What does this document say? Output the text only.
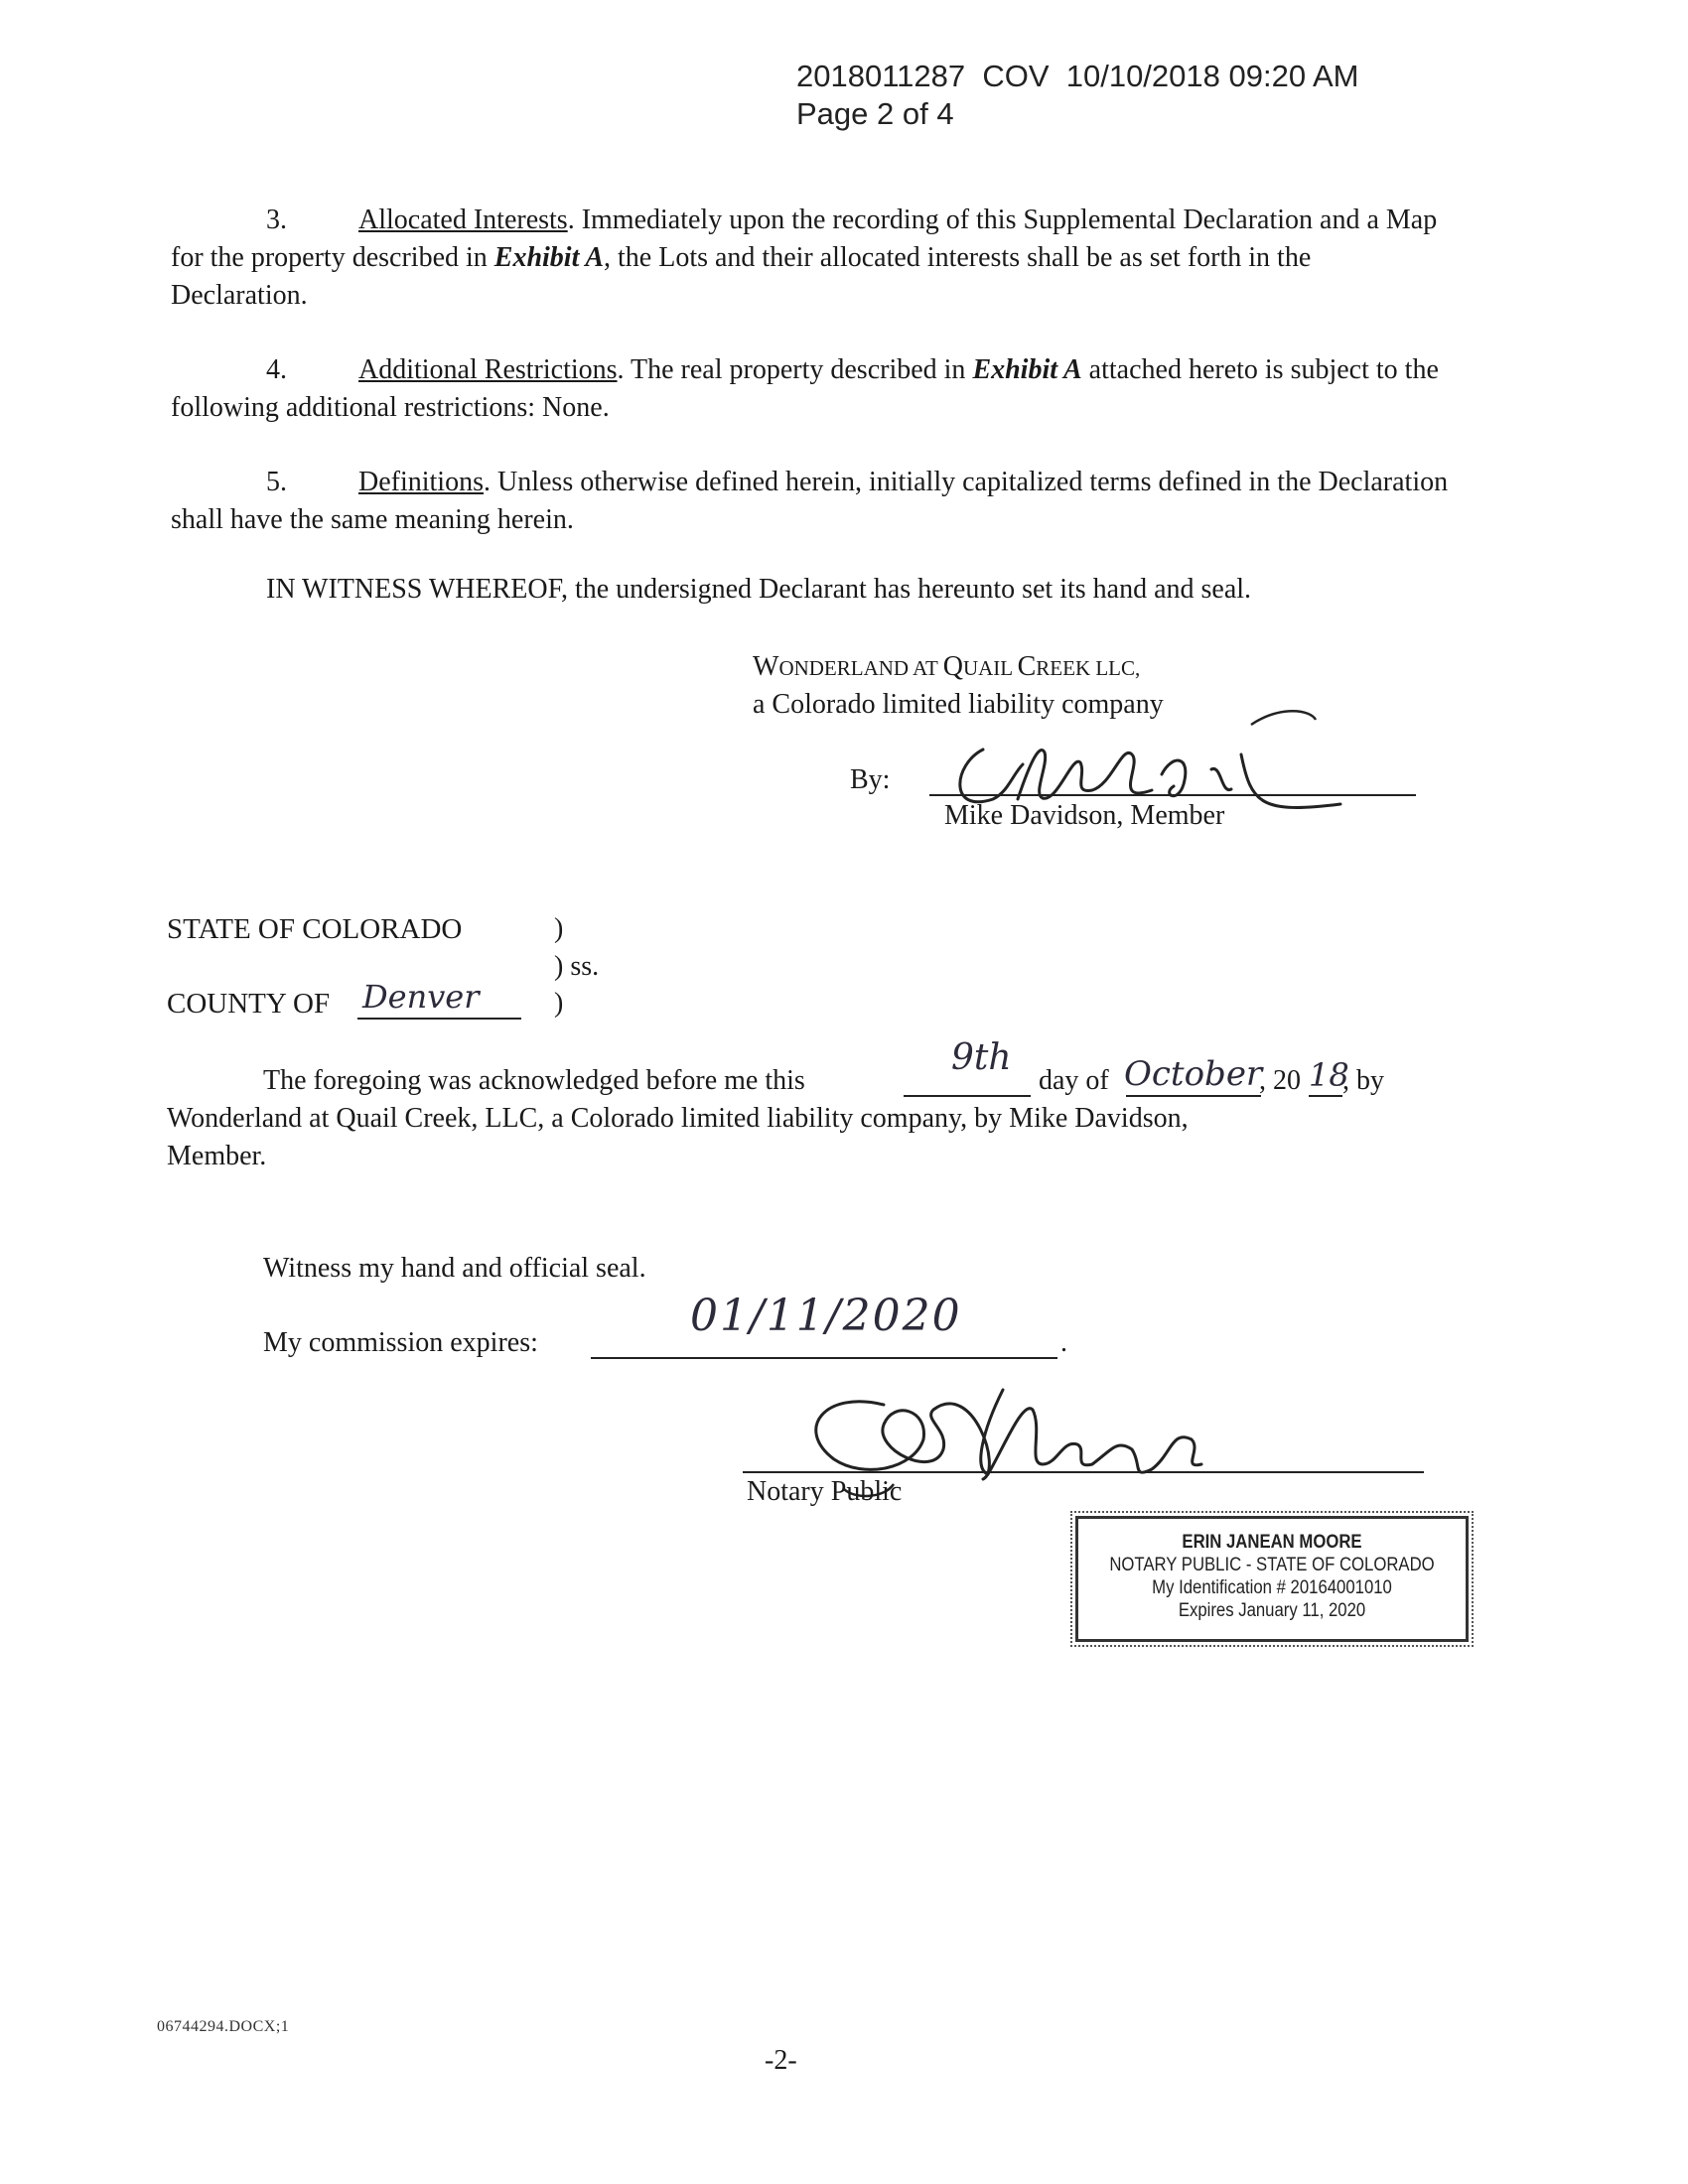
2018011287  COV  10/10/2018 09:20 AM
Page 2 of 4
3.	Allocated Interests. Immediately upon the recording of this Supplemental Declaration and a Map for the property described in Exhibit A, the Lots and their allocated interests shall be as set forth in the Declaration.
4.	Additional Restrictions. The real property described in Exhibit A attached hereto is subject to the following additional restrictions: None.
5.	Definitions. Unless otherwise defined herein, initially capitalized terms defined in the Declaration shall have the same meaning herein.
IN WITNESS WHEREOF, the undersigned Declarant has hereunto set its hand and seal.
WONDERLAND AT QUAIL CREEK LLC,
a Colorado limited liability company
By:
Mike Davidson, Member
STATE OF COLORADO	)
) ss.
COUNTY OF Denver	)
The foregoing was acknowledged before me this
9th
day of October
, 20 18
, by
Wonderland at Quail Creek, LLC, a Colorado limited liability company, by Mike Davidson,
Member.
Witness my hand and official seal.
My commission expires:
01/11/2020
.
Notary Public
ERIN JANEAN MOORE
NOTARY PUBLIC - STATE OF COLORADO
My Identification # 20164001010
Expires January 11, 2020
06744294.DOCX;1
-2-
